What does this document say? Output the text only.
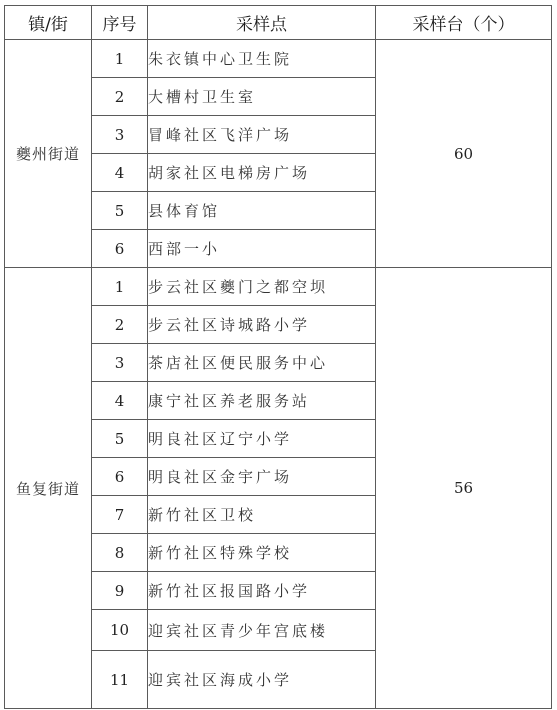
镇/街	序号	采样点	采样台（个）
夔州街道	1	朱衣镇中心卫生院	60
	2	大槽村卫生室	
	3	冒峰社区飞洋广场	
	4	胡家社区电梯房广场	
	5	县体育馆	
	6	西部一小	
鱼复街道	1	步云社区夔门之都空坝	56
	2	步云社区诗城路小学	
	3	茶店社区便民服务中心	
	4	康宁社区养老服务站	
	5	明良社区辽宁小学	
	6	明良社区金宇广场	
	7	新竹社区卫校	
	8	新竹社区特殊学校	
	9	新竹社区报国路小学	
	10	迎宾社区青少年宫底楼	
	11	迎宾社区海成小学	
